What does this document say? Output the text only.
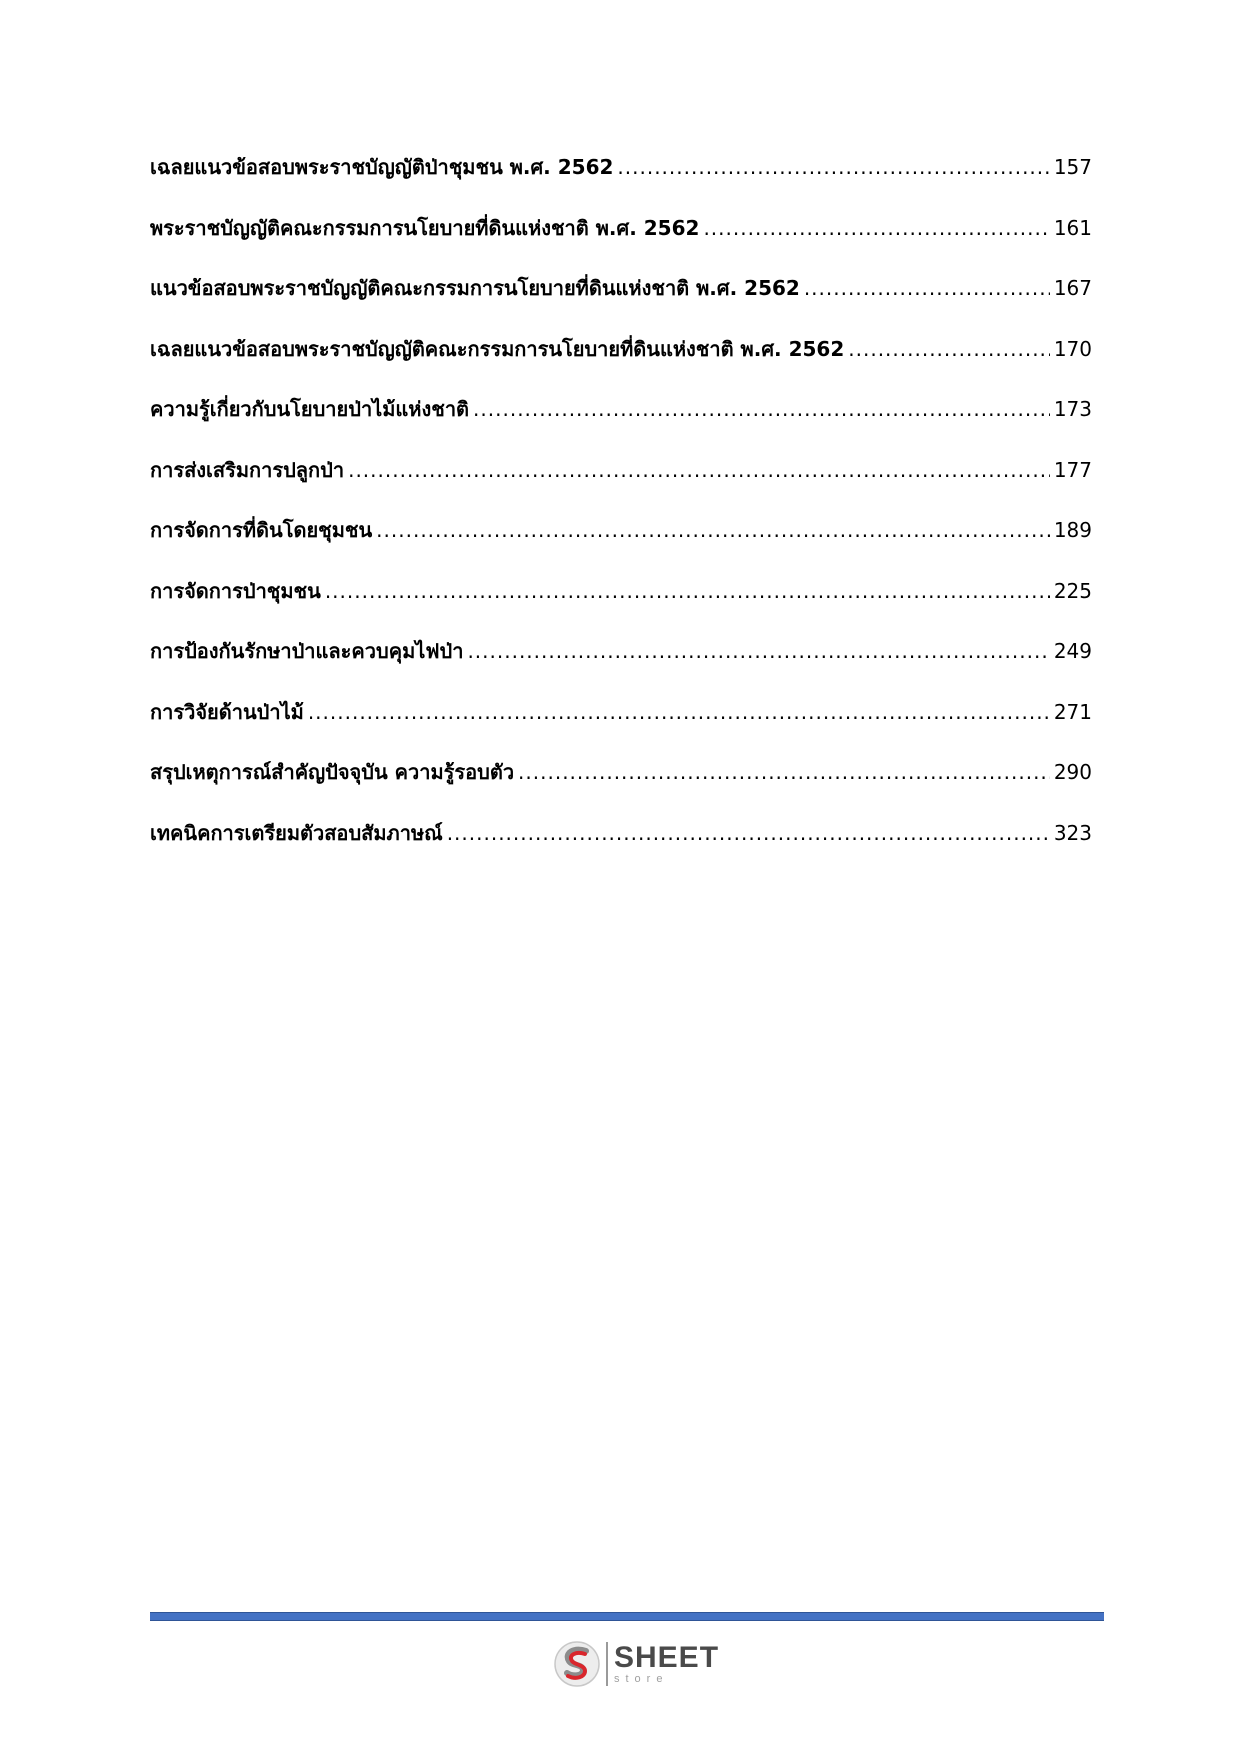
เฉลยแนวข้อสอบพระราชบัญญัติป่าชุมชน พ.ศ. 2562 .....	157
พระราชบัญญัติคณะกรรมการนโยบายที่ดินแห่งชาติ พ.ศ. 2562 .....	161
แนวข้อสอบพระราชบัญญัติคณะกรรมการนโยบายที่ดินแห่งชาติ พ.ศ. 2562 .....	167
เฉลยแนวข้อสอบพระราชบัญญัติคณะกรรมการนโยบายที่ดินแห่งชาติ พ.ศ. 2562 .....	170
ความรู้เกี่ยวกับนโยบายป่าไม้แห่งชาติ .....	173
การส่งเสริมการปลูกป่า .....	177
การจัดการที่ดินโดยชุมชน .....	189
การจัดการป่าชุมชน .....	225
การป้องกันรักษาป่าและควบคุมไฟป่า .....	249
การวิจัยด้านป่าไม้ .....	271
สรุปเหตุการณ์สำคัญปัจจุบัน ความรู้รอบตัว .....	290
เทคนิคการเตรียมตัวสอบสัมภาษณ์ .....	323
SHEET
store
